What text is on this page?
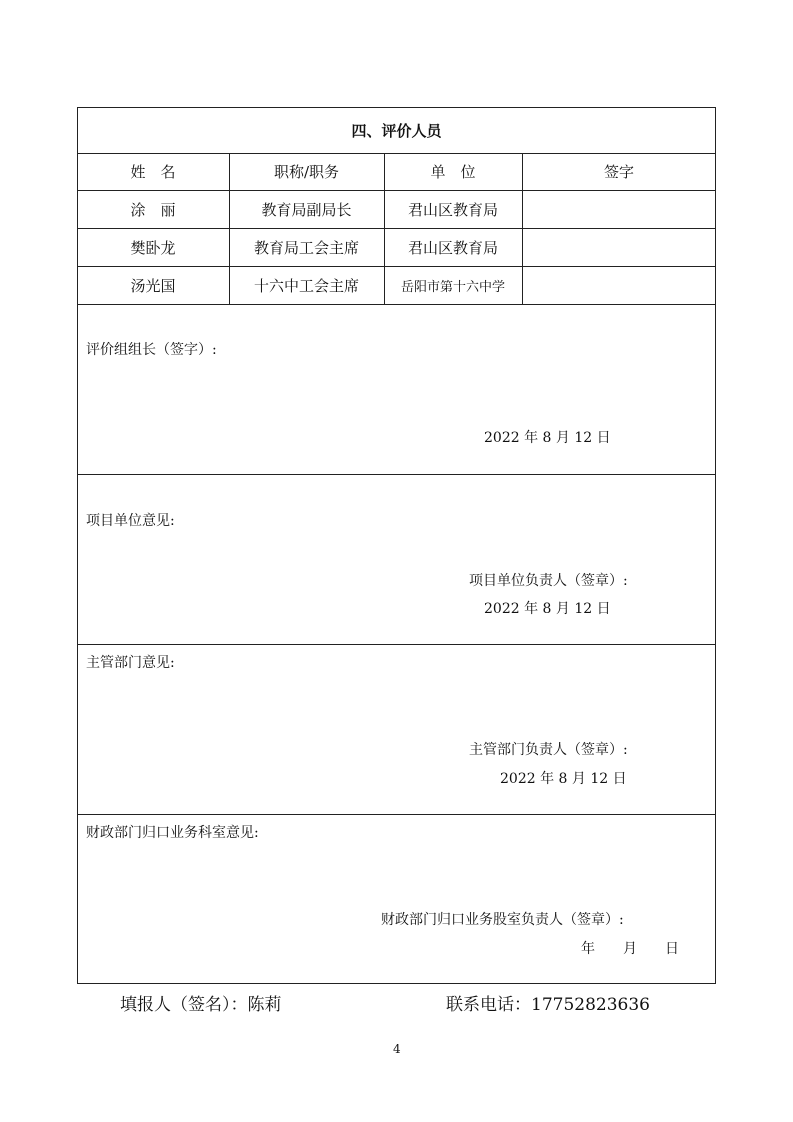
四、评价人员
姓　名	职称/职务	单　位	签字
涂　丽	教育局副局长	君山区教育局
樊卧龙	教育局工会主席	君山区教育局
汤光国	十六中工会主席	岳阳市第十六中学
评价组组长（签字）:
2022 年 8 月 12 日
项目单位意见:
项目单位负责人（签章）:
2022 年 8 月 12 日
主管部门意见:
主管部门负责人（签章）:
2022 年 8 月 12 日
财政部门归口业务科室意见:
财政部门归口业务股室负责人（签章）:
年　　月　　日
填报人（签名）：陈莉	联系电话：17752823636
4
